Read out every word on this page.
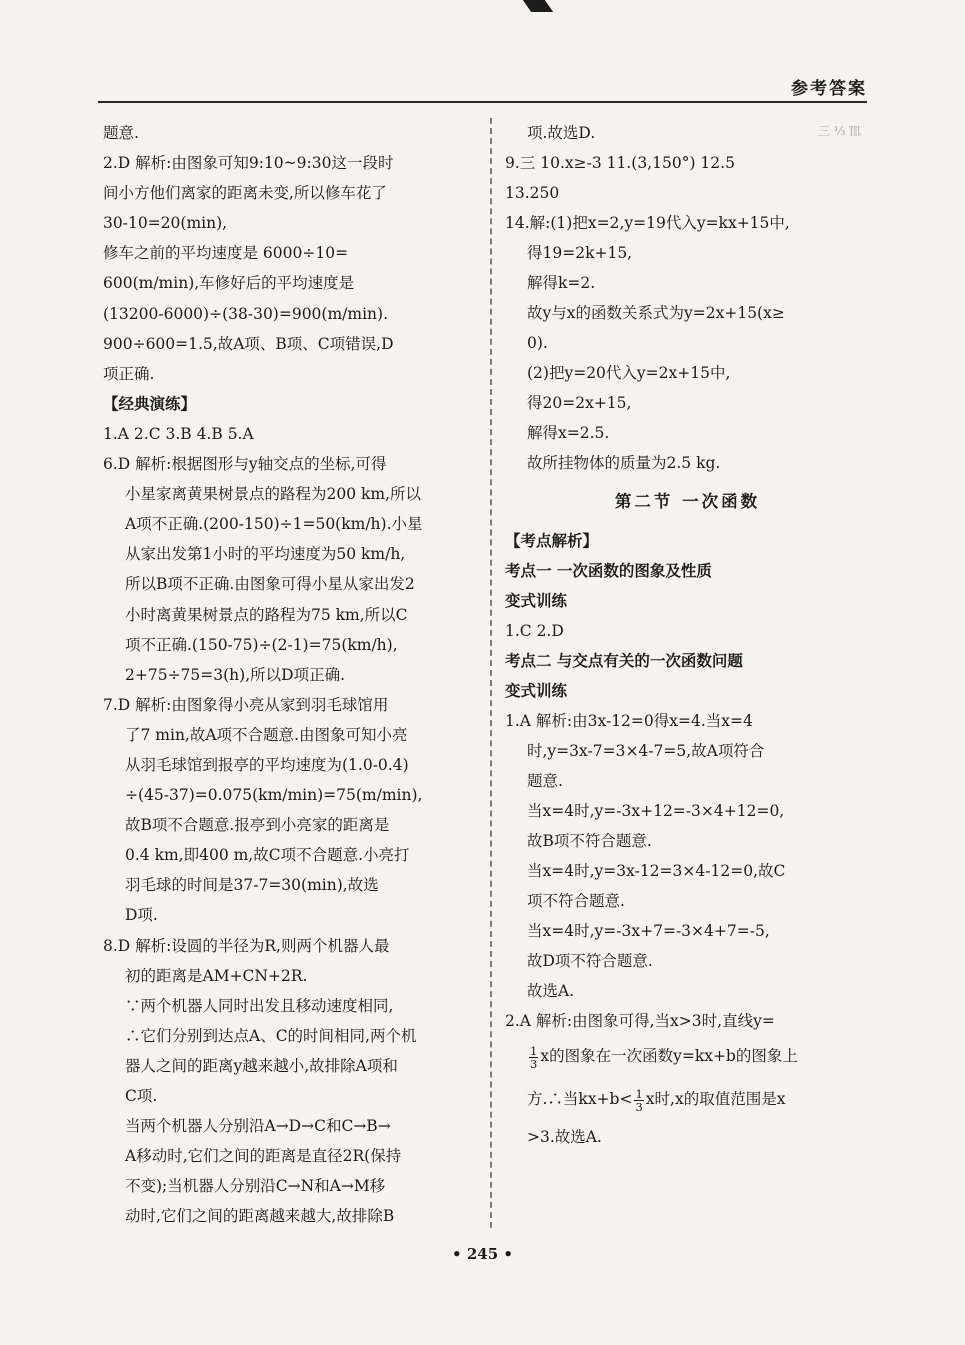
参考答案
三 ⅓ ℡
题意.
2.D 解析:由图象可知9:10~9:30这一段时
间小方他们离家的距离未变,所以修车花了
30-10=20(min),
修车之前的平均速度是 6000÷10=
600(m/min),车修好后的平均速度是
(13200-6000)÷(38-30)=900(m/min).
900÷600=1.5,故A项、B项、C项错误,D
项正确.
【经典演练】
1.A 2.C 3.B 4.B 5.A
6.D 解析:根据图形与y轴交点的坐标,可得
小星家离黄果树景点的路程为200 km,所以
A项不正确.(200-150)÷1=50(km/h).小星
从家出发第1小时的平均速度为50 km/h,
所以B项不正确.由图象可得小星从家出发2
小时离黄果树景点的路程为75 km,所以C
项不正确.(150-75)÷(2-1)=75(km/h),
2+75÷75=3(h),所以D项正确.
7.D 解析:由图象得小亮从家到羽毛球馆用
了7 min,故A项不合题意.由图象可知小亮
从羽毛球馆到报亭的平均速度为(1.0-0.4)
÷(45-37)=0.075(km/min)=75(m/min),
故B项不合题意.报亭到小亮家的距离是
0.4 km,即400 m,故C项不合题意.小亮打
羽毛球的时间是37-7=30(min),故选
D项.
8.D 解析:设圆的半径为R,则两个机器人最
初的距离是AM+CN+2R.
∵两个机器人同时出发且移动速度相同,
∴它们分别到达点A、C的时间相同,两个机
器人之间的距离y越来越小,故排除A项和
C项.
当两个机器人分别沿A→D→C和C→B→
A移动时,它们之间的距离是直径2R(保持
不变);当机器人分别沿C→N和A→M移
动时,它们之间的距离越来越大,故排除B
项.故选D.
9.三 10.x≥-3 11.(3,150°) 12.5
13.250
14.解:(1)把x=2,y=19代入y=kx+15中,
得19=2k+15,
解得k=2.
故y与x的函数关系式为y=2x+15(x≥
0).
(2)把y=20代入y=2x+15中,
得20=2x+15,
解得x=2.5.
故所挂物体的质量为2.5 kg.
第二节 一次函数
【考点解析】
考点一 一次函数的图象及性质
变式训练
1.C 2.D
考点二 与交点有关的一次函数问题
变式训练
1.A 解析:由3x-12=0得x=4.当x=4
时,y=3x-7=3×4-7=5,故A项符合
题意.
当x=4时,y=-3x+12=-3×4+12=0,
故B项不符合题意.
当x=4时,y=3x-12=3×4-12=0,故C
项不符合题意.
当x=4时,y=-3x+7=-3×4+7=-5,
故D项不符合题意.
故选A.
2.A 解析:由图象可得,当x>3时,直线y=
$\frac{1}{3}$ x的图象在一次函数y=kx+b的图象上
方.∴当$kx+b< \frac{1}{3}$ x时,x的取值范围是x
>3.故选A.
• 245 •
